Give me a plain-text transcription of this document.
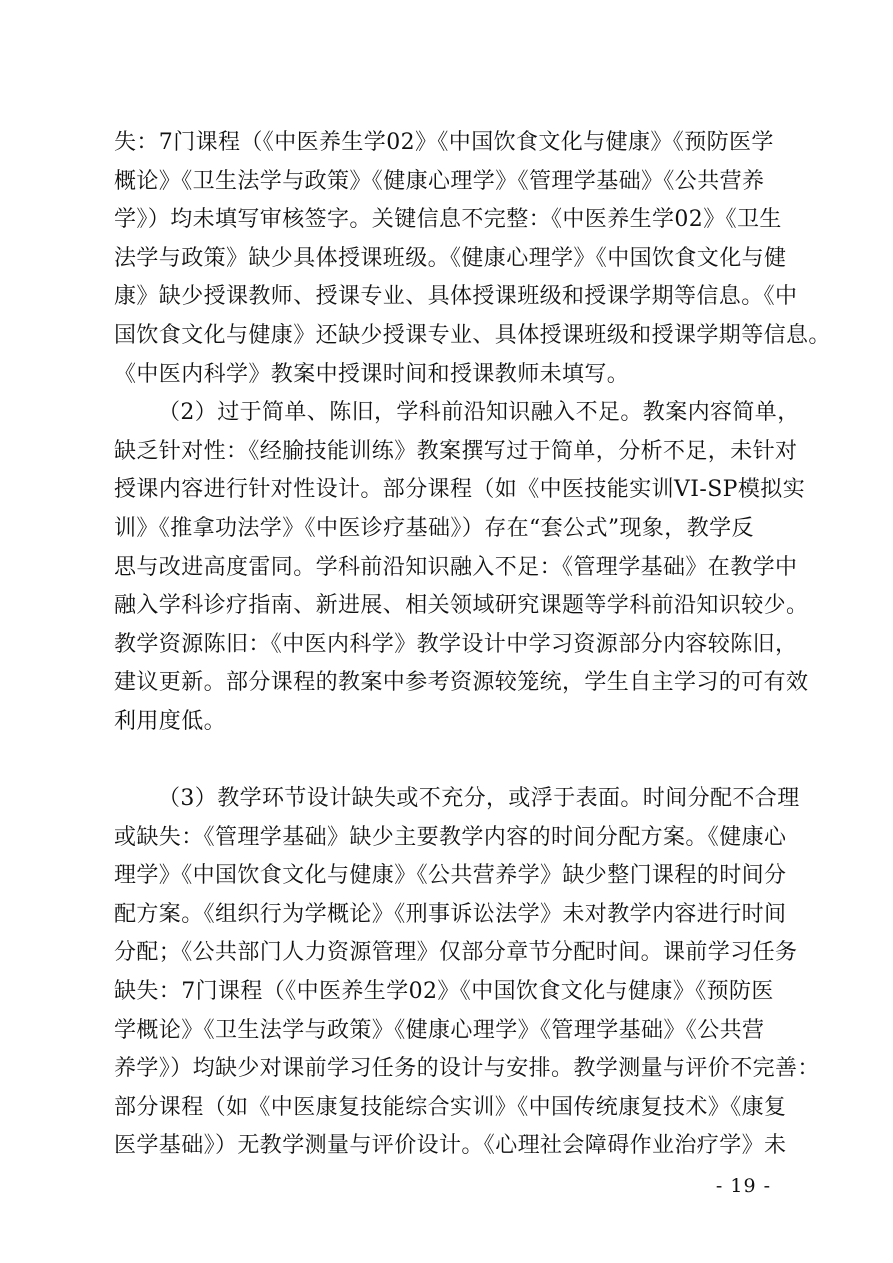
失：7门课程（《中医养生学02》《中国饮食文化与健康》《预防医学
概论》《卫生法学与政策》《健康心理学》《管理学基础》《公共营养
学》）均未填写审核签字。关键信息不完整：《中医养生学02》《卫生
法学与政策》缺少具体授课班级。《健康心理学》《中国饮食文化与健
康》缺少授课教师、授课专业、具体授课班级和授课学期等信息。《中
国饮食文化与健康》还缺少授课专业、具体授课班级和授课学期等信息。
《中医内科学》教案中授课时间和授课教师未填写。
（2）过于简单、陈旧，学科前沿知识融入不足。教案内容简单，
缺乏针对性：《经腧技能训练》教案撰写过于简单，分析不足，未针对
授课内容进行针对性设计。部分课程（如《中医技能实训VI-SP模拟实
训》《推拿功法学》《中医诊疗基础》）存在“套公式”现象，教学反
思与改进高度雷同。学科前沿知识融入不足：《管理学基础》在教学中
融入学科诊疗指南、新进展、相关领域研究课题等学科前沿知识较少。
教学资源陈旧：《中医内科学》教学设计中学习资源部分内容较陈旧，
建议更新。部分课程的教案中参考资源较笼统，学生自主学习的可有效
利用度低。
（3）教学环节设计缺失或不充分，或浮于表面。时间分配不合理
或缺失：《管理学基础》缺少主要教学内容的时间分配方案。《健康心
理学》《中国饮食文化与健康》《公共营养学》缺少整门课程的时间分
配方案。《组织行为学概论》《刑事诉讼法学》未对教学内容进行时间
分配；《公共部门人力资源管理》仅部分章节分配时间。课前学习任务
缺失：7门课程（《中医养生学02》《中国饮食文化与健康》《预防医
学概论》《卫生法学与政策》《健康心理学》《管理学基础》《公共营
养学》）均缺少对课前学习任务的设计与安排。教学测量与评价不完善：
部分课程（如《中医康复技能综合实训》《中国传统康复技术》《康复
医学基础》）无教学测量与评价设计。《心理社会障碍作业治疗学》未
- 19 -
